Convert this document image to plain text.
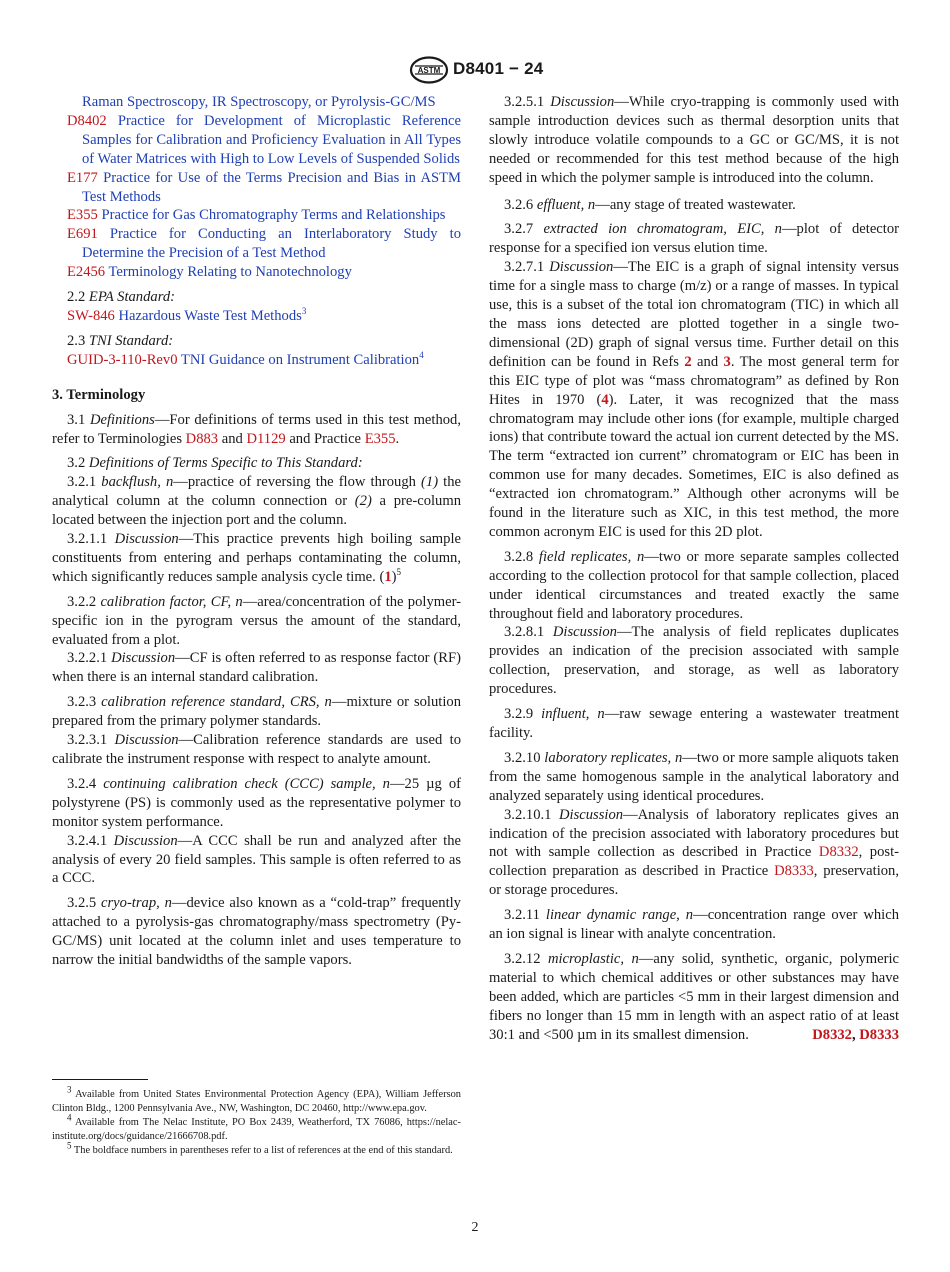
ASTM D8401 − 24

Raman Spectroscopy, IR Spectroscopy, or Pyrolysis-GC/MS

D8402 Practice for Development of Microplastic Reference Samples for Calibration and Proficiency Evaluation in All Types of Water Matrices with High to Low Levels of Suspended Solids

E177 Practice for Use of the Terms Precision and Bias in ASTM Test Methods

E355 Practice for Gas Chromatography Terms and Relationships

E691 Practice for Conducting an Interlaboratory Study to Determine the Precision of a Test Method

E2456 Terminology Relating to Nanotechnology

2.2 EPA Standard:

SW-846 Hazardous Waste Test Methods$^3$

2.3 TNI Standard:

GUID-3-110-Rev0 TNI Guidance on Instrument Calibration$^4$

3. Terminology

3.1 Definitions—For definitions of terms used in this test method, refer to Terminologies D883 and D1129 and Practice E355.

3.2 Definitions of Terms Specific to This Standard:

3.2.1 backflush, n—practice of reversing the flow through (1) the analytical column at the column connection or (2) a pre-column located between the injection port and the column.

3.2.1.1 Discussion—This practice prevents high boiling sample constituents from entering and perhaps contaminating the column, which significantly reduces sample analysis cycle time. $(1)^5$

3.2.2 calibration factor, CF, n—area/concentration of the polymer-specific ion in the pyrogram versus the amount of the standard, evaluated from a plot.

3.2.2.1 Discussion—CF is often referred to as response factor (RF) when there is an internal standard calibration.

3.2.3 calibration reference standard, CRS, n—mixture or solution prepared from the primary polymer standards.

3.2.3.1 Discussion—Calibration reference standards are used to calibrate the instrument response with respect to analyte amount.

3.2.4 continuing calibration check (CCC) sample, n—25 µg of polystyrene (PS) is commonly used as the representative polymer to monitor system performance.

3.2.4.1 Discussion—A CCC shall be run and analyzed after the analysis of every 20 field samples. This sample is often referred to as a CCC.

3.2.5 cryo-trap, n—device also known as a “cold-trap” frequently attached to a pyrolysis-gas chromatography/mass spectrometry (Py-GC/MS) unit located at the column inlet and uses temperature to narrow the initial bandwidths of the sample vapors.

3.2.5.1 Discussion—While cryo-trapping is commonly used with sample introduction devices such as thermal desorption units that slowly introduce volatile compounds to a GC or GC/MS, it is not needed or recommended for this test method because of the high speed in which the polymer sample is introduced into the column.

3.2.6 effluent, n—any stage of treated wastewater.

3.2.7 extracted ion chromatogram, EIC, n—plot of detector response for a specified ion versus elution time.

3.2.7.1 Discussion—The EIC is a graph of signal intensity versus time for a single mass to charge (m/z) or a range of masses. In typical use, this is a subset of the total ion chromatogram (TIC) in which all the mass ions detected are plotted together in a single two-dimensional (2D) graph of signal versus time. Further detail on this definition can be found in Refs 2 and 3. The most general term for this EIC type of plot was “mass chromatogram” as defined by Ron Hites in 1970 (4). Later, it was recognized that the mass chromatogram may include other ions (for example, multiple charged ions) that contribute toward the actual ion current detected by the MS. The term “extracted ion current” chromatogram or EIC has been in common use for many decades. Sometimes, EIC is also defined as “extracted ion chromatogram.” Although other acronyms will be found in the literature such as XIC, in this test method, the more common acronym EIC is used for this 2D plot.

3.2.8 field replicates, n—two or more separate samples collected according to the collection protocol for that sample collection, placed under identical circumstances and treated exactly the same throughout field and laboratory procedures.

3.2.8.1 Discussion—The analysis of field replicates duplicates provides an indication of the precision associated with sample collection, preservation, and storage, as well as laboratory procedures.

3.2.9 influent, n—raw sewage entering a wastewater treatment facility.

3.2.10 laboratory replicates, n—two or more sample aliquots taken from the same homogenous sample in the analytical laboratory and analyzed separately using identical procedures.

3.2.10.1 Discussion—Analysis of laboratory replicates gives an indication of the precision associated with laboratory procedures but not with sample collection as described in Practice D8332, post-collection preparation as described in Practice D8333, preservation, or storage procedures.

3.2.11 linear dynamic range, n—concentration range over which an ion signal is linear with analyte concentration.

3.2.12 microplastic, n—any solid, synthetic, organic, polymeric material to which chemical additives or other substances may have been added, which are particles <5 mm in their largest dimension and fibers no longer than 15 mm in length with an aspect ratio of at least 30:1 and <500 µm in its smallest dimension.	D8332, D8333

$^3$ Available from United States Environmental Protection Agency (EPA), William Jefferson Clinton Bldg., 1200 Pennsylvania Ave., NW, Washington, DC 20460, http://www.epa.gov.

$^4$ Available from The Nelac Institute, PO Box 2439, Weatherford, TX 76086, https://nelac-institute.org/docs/guidance/21666708.pdf.

$^5$ The boldface numbers in parentheses refer to a list of references at the end of this standard.

2
